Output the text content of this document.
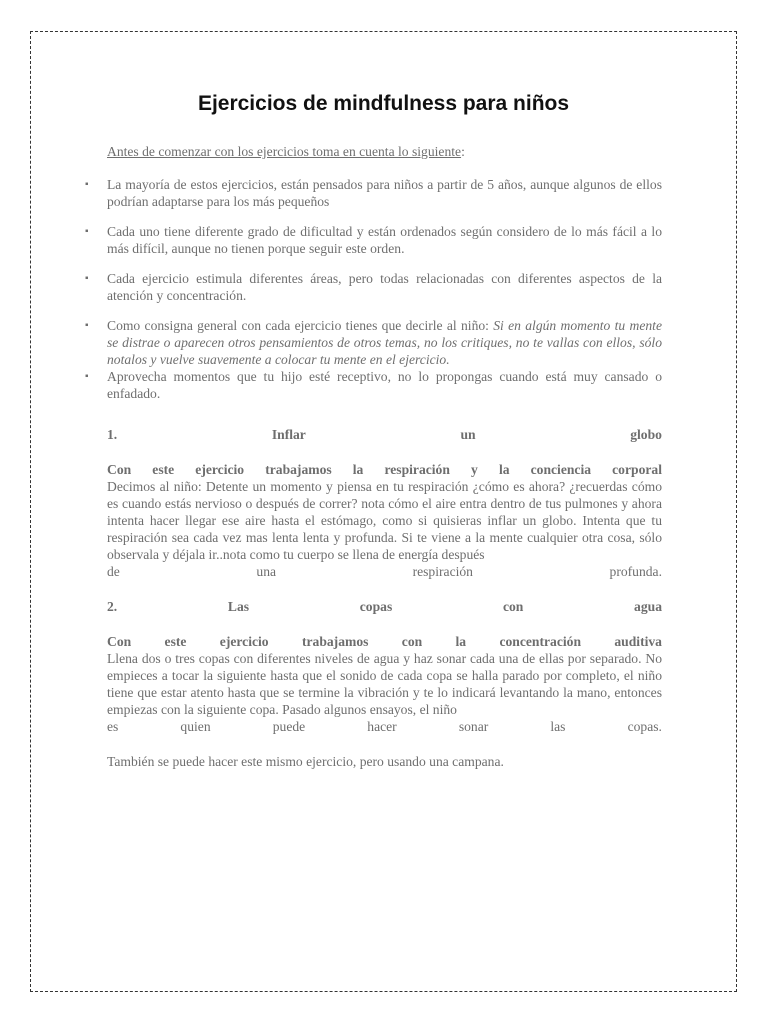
Ejercicios de mindfulness para niños

Antes de comenzar con los ejercicios toma en cuenta lo siguiente:

▪ La mayoría de estos ejercicios, están pensados para niños a partir de 5 años, aunque algunos de ellos podrían adaptarse para los más pequeños
▪ Cada uno tiene diferente grado de dificultad y están ordenados según considero de lo más fácil a lo más difícil, aunque no tienen porque seguir este orden.
▪ Cada ejercicio estimula diferentes áreas, pero todas relacionadas con diferentes aspectos de la atención y concentración.
▪ Como consigna general con cada ejercicio tienes que decirle al niño: Si en algún momento tu mente se distrae o aparecen otros pensamientos de otros temas, no los critiques, no te vallas con ellos, sólo notalos y vuelve suavemente a colocar tu mente en el ejercicio.
▪ Aprovecha momentos que tu hijo esté receptivo, no lo propongas cuando está muy cansado o enfadado.
1.	Inflar	un	globo
Con este ejercicio trabajamos la respiración y la conciencia corporal
Decimos al niño: Detente un momento y piensa en tu respiración ¿cómo es ahora? ¿recuerdas cómo es cuando estás nervioso o después de correr? nota cómo el aire entra dentro de tus pulmones y ahora intenta hacer llegar ese aire hasta el estómago, como si quisieras inflar un globo. Intenta que tu respiración sea cada vez mas lenta lenta y profunda. Si te viene a la mente cualquier otra cosa, sólo observala y déjala ir..nota como tu cuerpo se llena de energía después
de	una	respiración	profunda.
2.	Las	copas	con	agua
Con este ejercicio trabajamos con la concentración auditiva
Llena dos o tres copas con diferentes niveles de agua y haz sonar cada una de ellas por separado. No empieces a tocar la siguiente hasta que el sonido de cada copa se halla parado por completo, el niño tiene que estar atento hasta que se termine la vibración y te lo indicará levantando la mano, entonces empiezas con la siguiente copa. Pasado algunos ensayos, el niño
es	quien	puede	hacer	sonar	las	copas.

También se puede hacer este mismo ejercicio, pero usando una campana.
